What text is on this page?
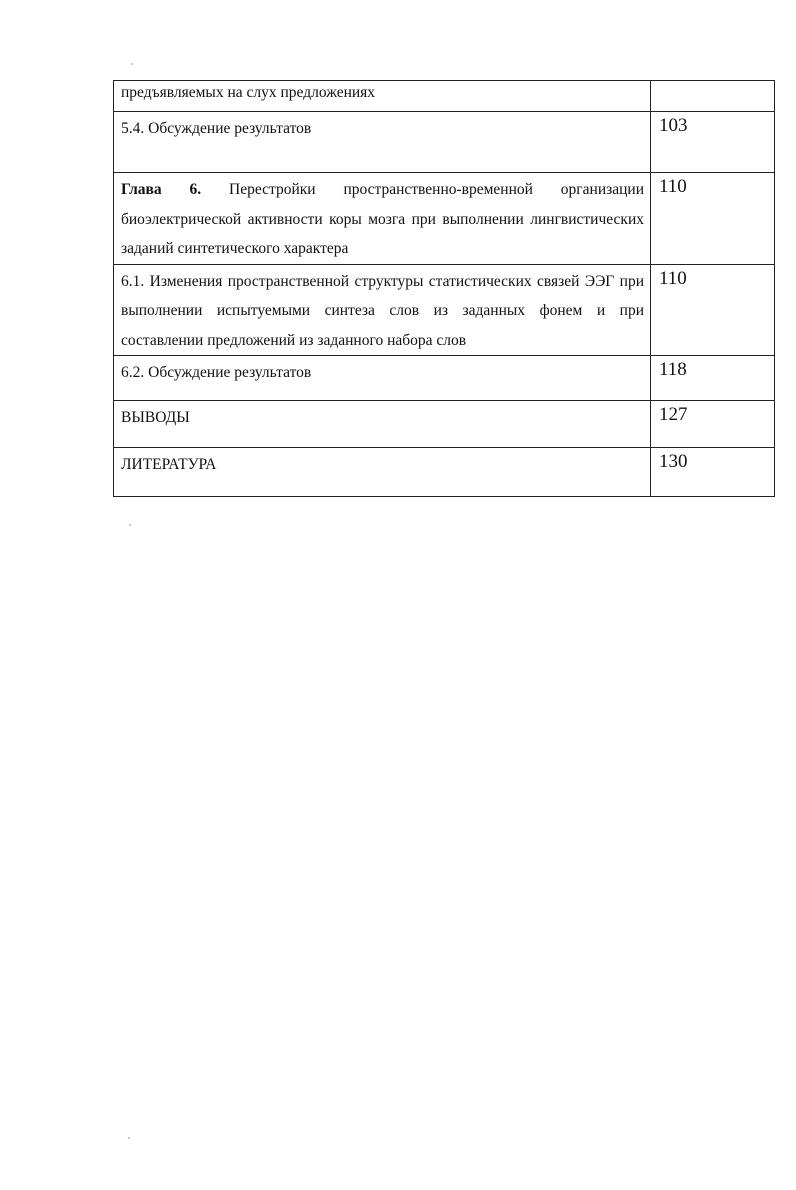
предъявляемых на слух предложениях	
5.4. Обсуждение результатов	103
Глава 6. Перестройки пространственно-временной организации биоэлектрической активности коры мозга при выполнении лингвистических заданий синтетического характера	110
6.1. Изменения пространственной структуры статистических связей ЭЭГ при выполнении испытуемыми синтеза слов из заданных фонем и при составлении предложений из заданного набора слов	110
6.2. Обсуждение результатов	118
ВЫВОДЫ	127
ЛИТЕРАТУРА	130
